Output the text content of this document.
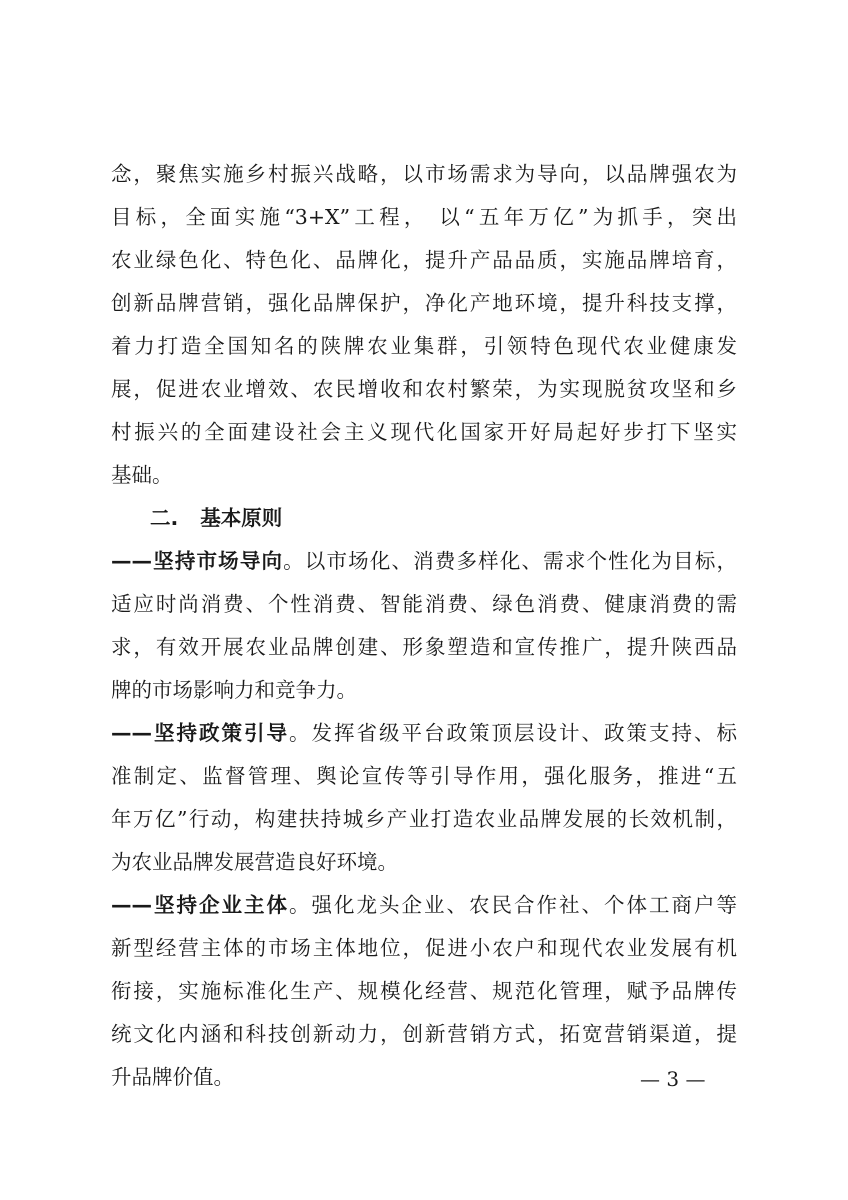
念，聚焦实施乡村振兴战略，以市场需求为导向，以品牌强农为
目标，全面实施“3+X”工程， 以“五年万亿”为抓手，突出
农业绿色化、特色化、品牌化，提升产品品质，实施品牌培育，
创新品牌营销，强化品牌保护，净化产地环境，提升科技支撑，
着力打造全国知名的陕牌农业集群，引领特色现代农业健康发
展，促进农业增效、农民增收和农村繁荣，为实现脱贫攻坚和乡
村振兴的全面建设社会主义现代化国家开好局起好步打下坚实
基础。
二. 基本原则
——坚持市场导向。以市场化、消费多样化、需求个性化为目标，
适应时尚消费、个性消费、智能消费、绿色消费、健康消费的需
求，有效开展农业品牌创建、形象塑造和宣传推广，提升陕西品
牌的市场影响力和竞争力。
——坚持政策引导。发挥省级平台政策顶层设计、政策支持、标
准制定、监督管理、舆论宣传等引导作用，强化服务，推进“五
年万亿”行动，构建扶持城乡产业打造农业品牌发展的长效机制，
为农业品牌发展营造良好环境。
——坚持企业主体。强化龙头企业、农民合作社、个体工商户等
新型经营主体的市场主体地位，促进小农户和现代农业发展有机
衔接，实施标准化生产、规模化经营、规范化管理，赋予品牌传
统文化内涵和科技创新动力，创新营销方式，拓宽营销渠道，提
— 3 —
升品牌价值。
